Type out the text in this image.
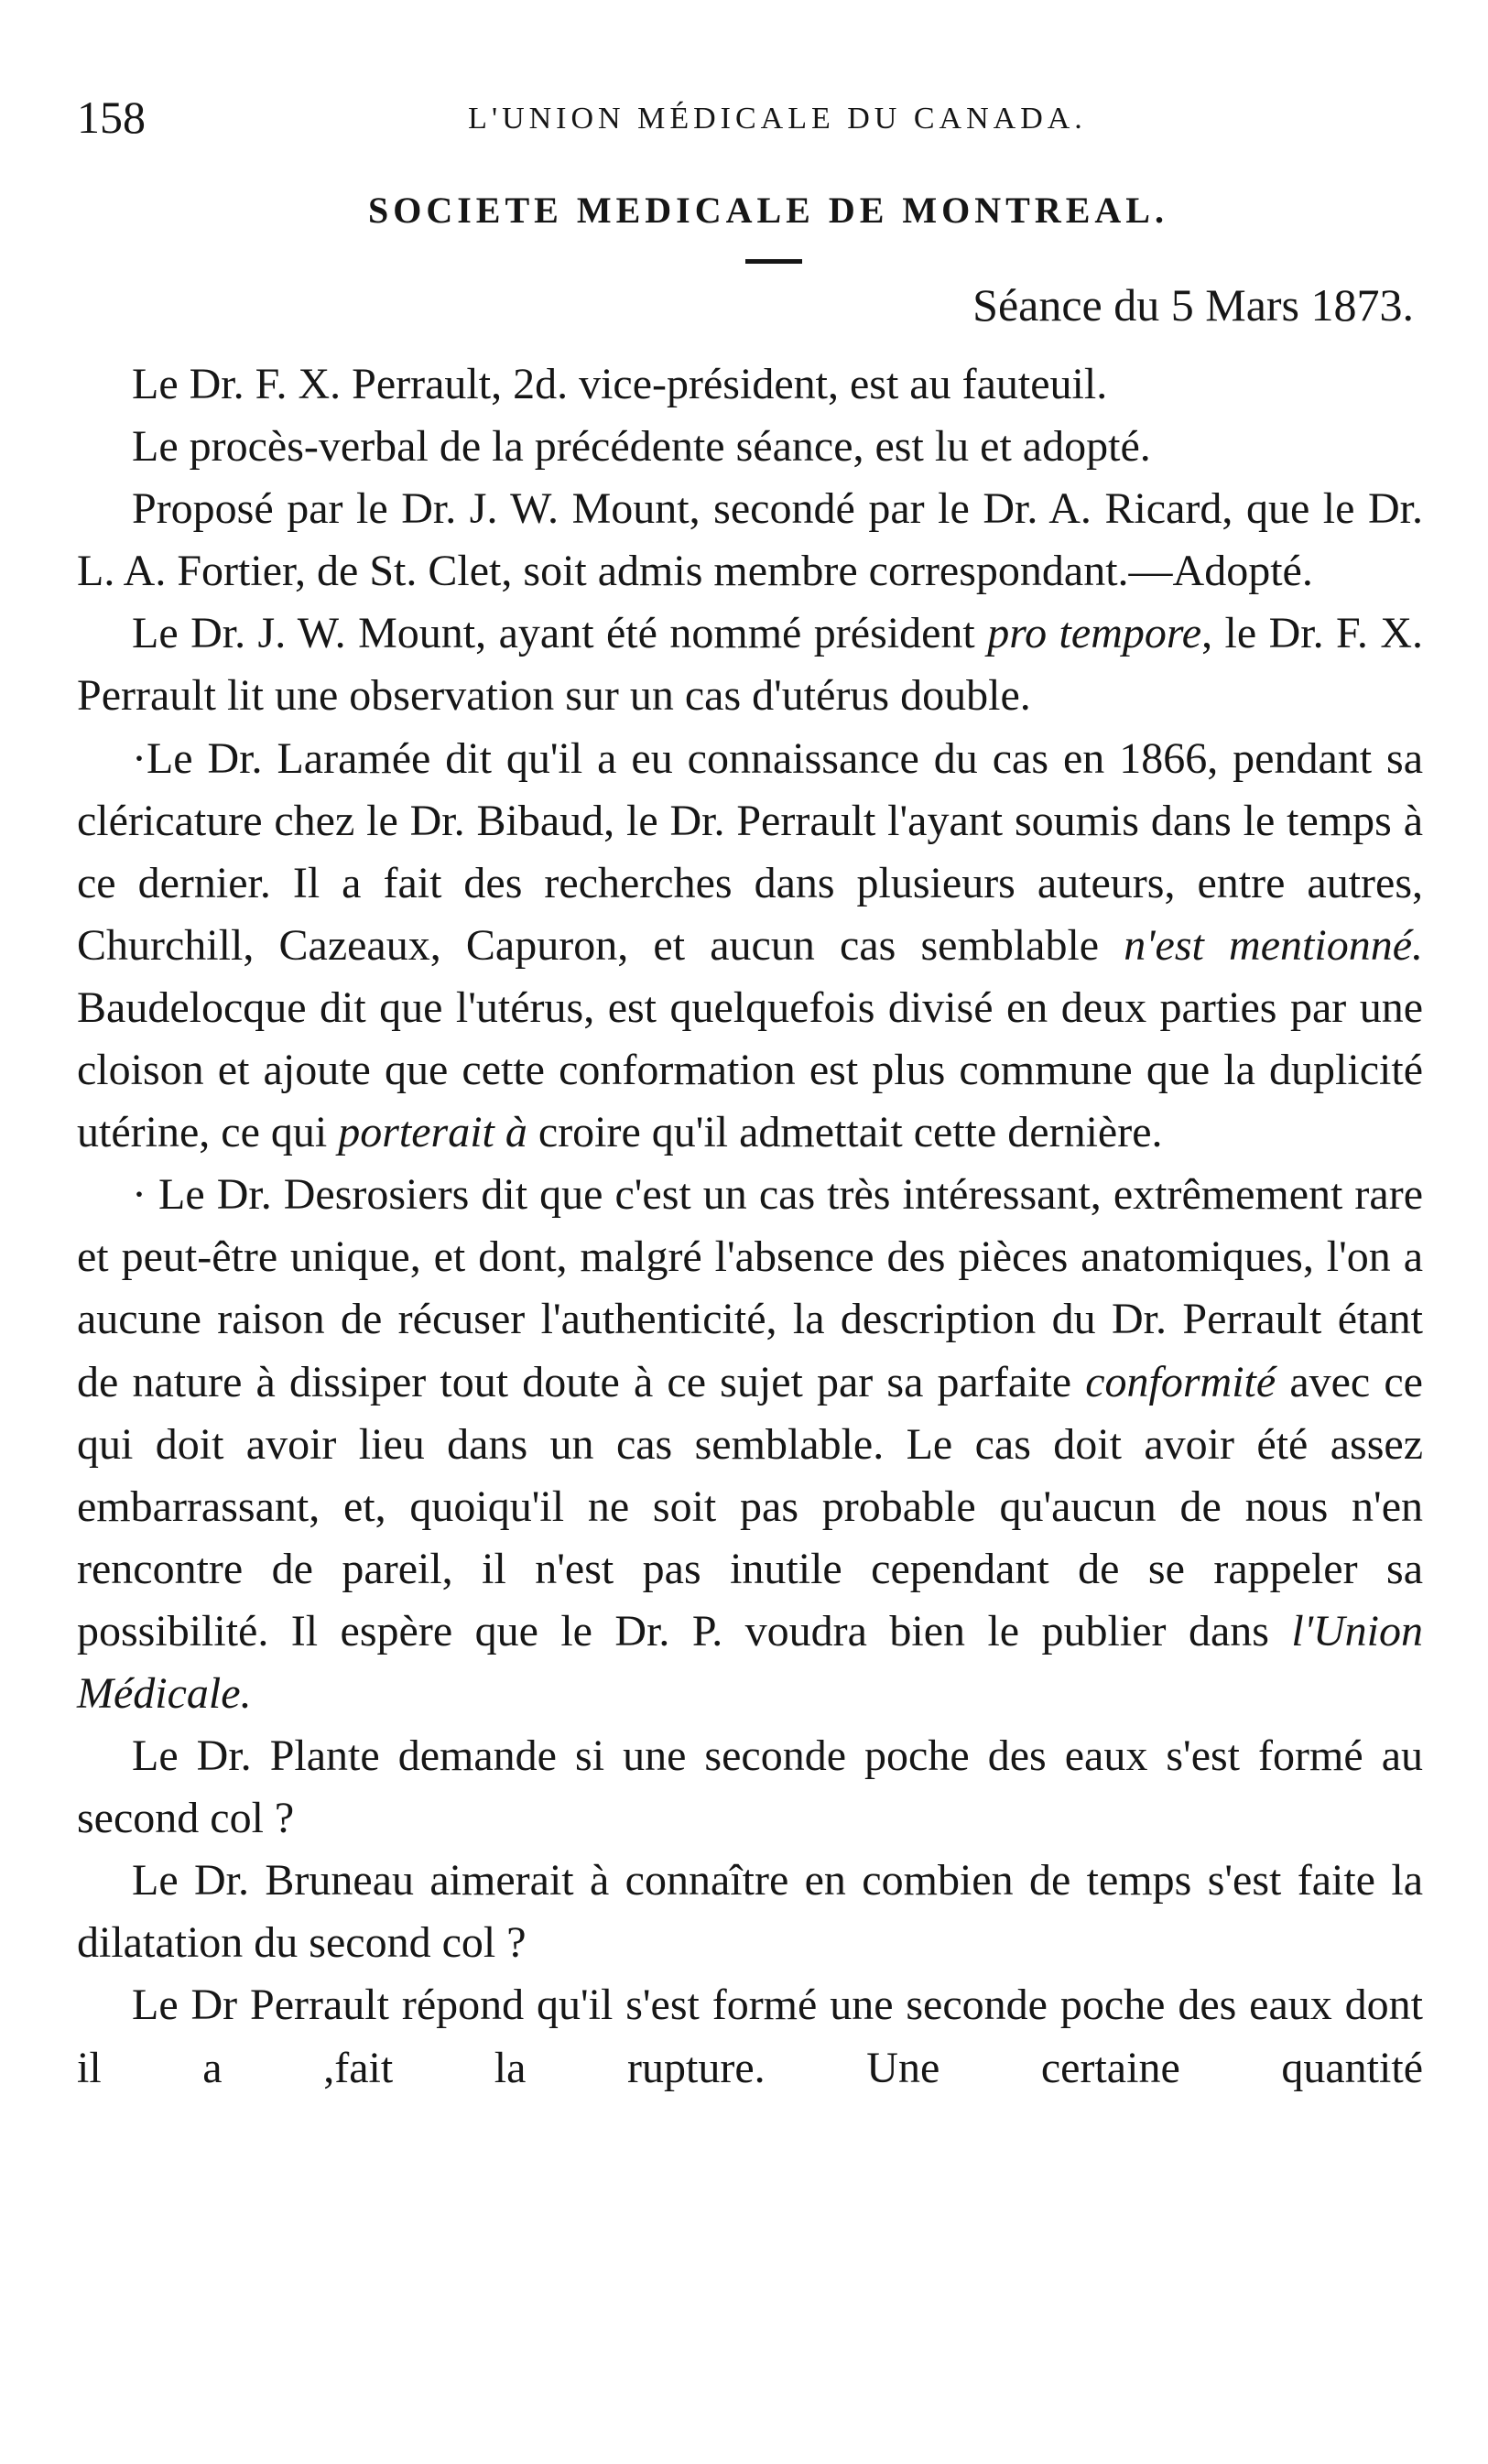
158	L'UNION MÉDICALE DU CANADA.
SOCIETE MEDICALE DE MONTREAL.
Séance du 5 Mars 1873.

Le Dr. F. X. Perrault, 2d. vice-président, est au fauteuil.

Le procès-verbal de la précédente séance, est lu et adopté.

Proposé par le Dr. J. W. Mount, secondé par le Dr. A. Ricard, que le Dr. L. A. Fortier, de St. Clet, soit admis membre correspondant.—Adopté.

Le Dr. J. W. Mount, ayant été nommé président pro tempore, le Dr. F. X. Perrault lit une observation sur un cas d'utérus double.

·Le Dr. Laramée dit qu'il a eu connaissance du cas en 1866, pendant sa cléricature chez le Dr. Bibaud, le Dr. Perrault l'ayant soumis dans le temps à ce dernier. Il a fait des recherches dans plusieurs auteurs, entre autres, Churchill, Cazeaux, Capuron, et aucun cas semblable n'est mentionné. Baudelocque dit que l'utérus, est quelquefois divisé en deux parties par une cloison et ajoute que cette conformation est plus commune que la duplicité utérine, ce qui porterait à croire qu'il admettait cette dernière.

· Le Dr. Desrosiers dit que c'est un cas très intéressant, extrêmement rare et peut-être unique, et dont, malgré l'absence des pièces anatomiques, l'on a aucune raison de récuser l'authenticité, la description du Dr. Perrault étant de nature à dissiper tout doute à ce sujet par sa parfaite conformité avec ce qui doit avoir lieu dans un cas semblable. Le cas doit avoir été assez embarrassant, et, quoiqu'il ne soit pas probable qu'aucun de nous n'en rencontre de pareil, il n'est pas inutile cependant de se rappeler sa possibilité. Il espère que le Dr. P. voudra bien le publier dans l'Union Médicale.

Le Dr. Plante demande si une seconde poche des eaux s'est formé au second col ?

Le Dr. Bruneau aimerait à connaître en combien de temps s'est faite la dilatation du second col ?

Le Dr Perrault répond qu'il s'est formé une seconde poche des eaux dont il a ,fait la rupture. Une certaine quantité
